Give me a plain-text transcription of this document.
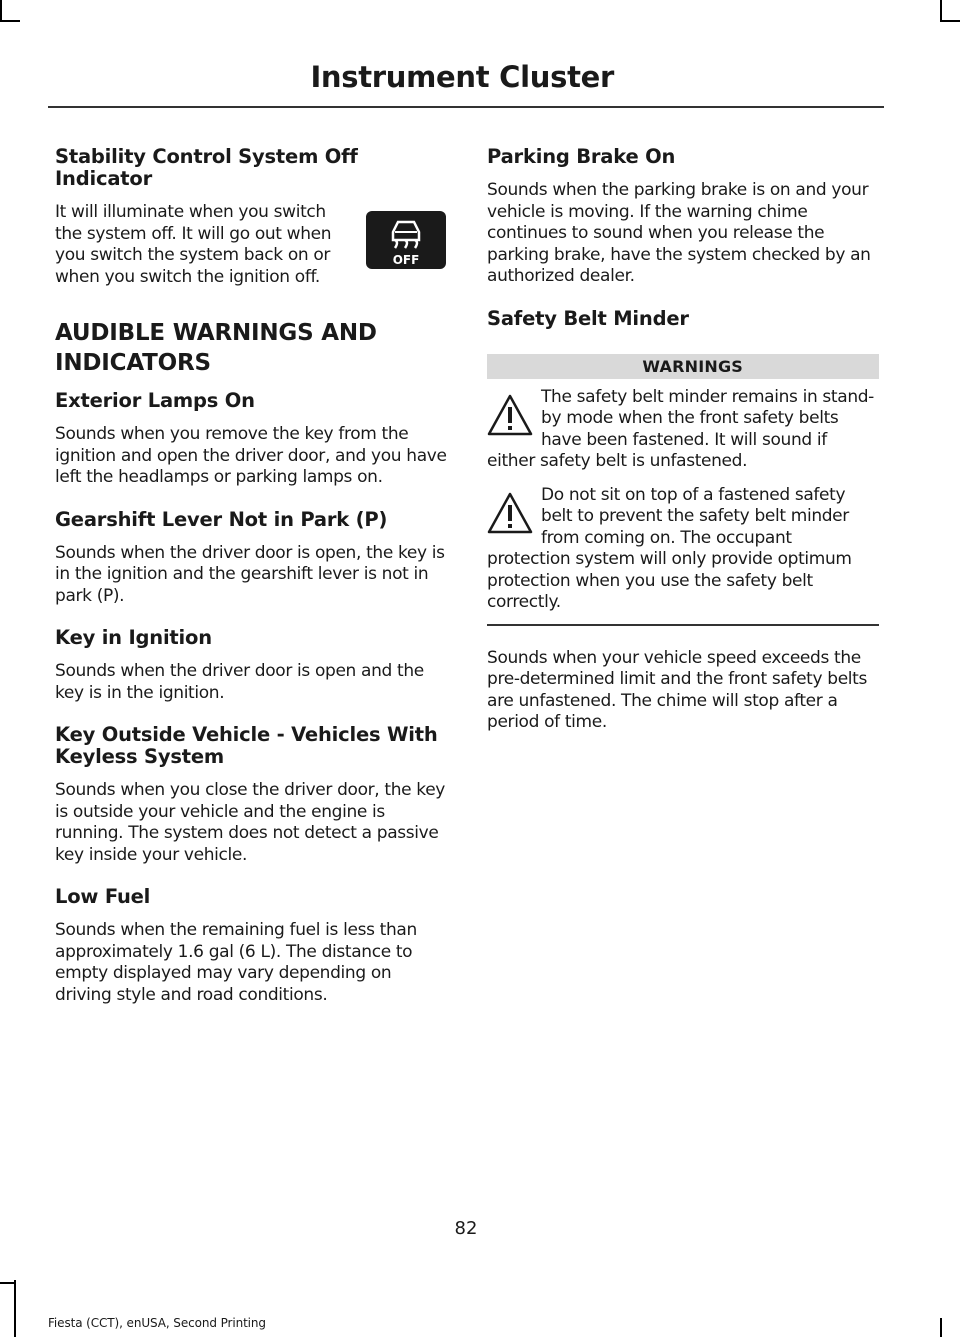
Instrument Cluster
Stability Control System Off Indicator
OFF

It will illuminate when you switch the system off. It will go out when you switch the system back on or when you switch the ignition off.

AUDIBLE WARNINGS AND INDICATORS
Exterior Lamps On

Sounds when you remove the key from the ignition and open the driver door, and you have left the headlamps or parking lamps on.

Gearshift Lever Not in Park (P)

Sounds when the driver door is open, the key is in the ignition and the gearshift lever is not in park (P).

Key in Ignition

Sounds when the driver door is open and the key is in the ignition.

Key Outside Vehicle - Vehicles With Keyless System

Sounds when you close the driver door, the key is outside your vehicle and the engine is running. The system does not detect a passive key inside your vehicle.

Low Fuel

Sounds when the remaining fuel is less than approximately 1.6 gal (6 L). The distance to empty displayed may vary depending on driving style and road conditions.

Parking Brake On

Sounds when the parking brake is on and your vehicle is moving. If the warning chime continues to sound when you release the parking brake, have the system checked by an authorized dealer.

Safety Belt Minder
WARNINGS

The safety belt minder remains in stand-by mode when the front safety belts have been fastened. It will sound if either safety belt is unfastened.

Do not sit on top of a fastened safety belt to prevent the safety belt minder from coming on. The occupant protection system will only provide optimum protection when you use the safety belt correctly.

Sounds when your vehicle speed exceeds the pre-determined limit and the front safety belts are unfastened. The chime will stop after a period of time.

82
Fiesta (CCT), enUSA, Second Printing
